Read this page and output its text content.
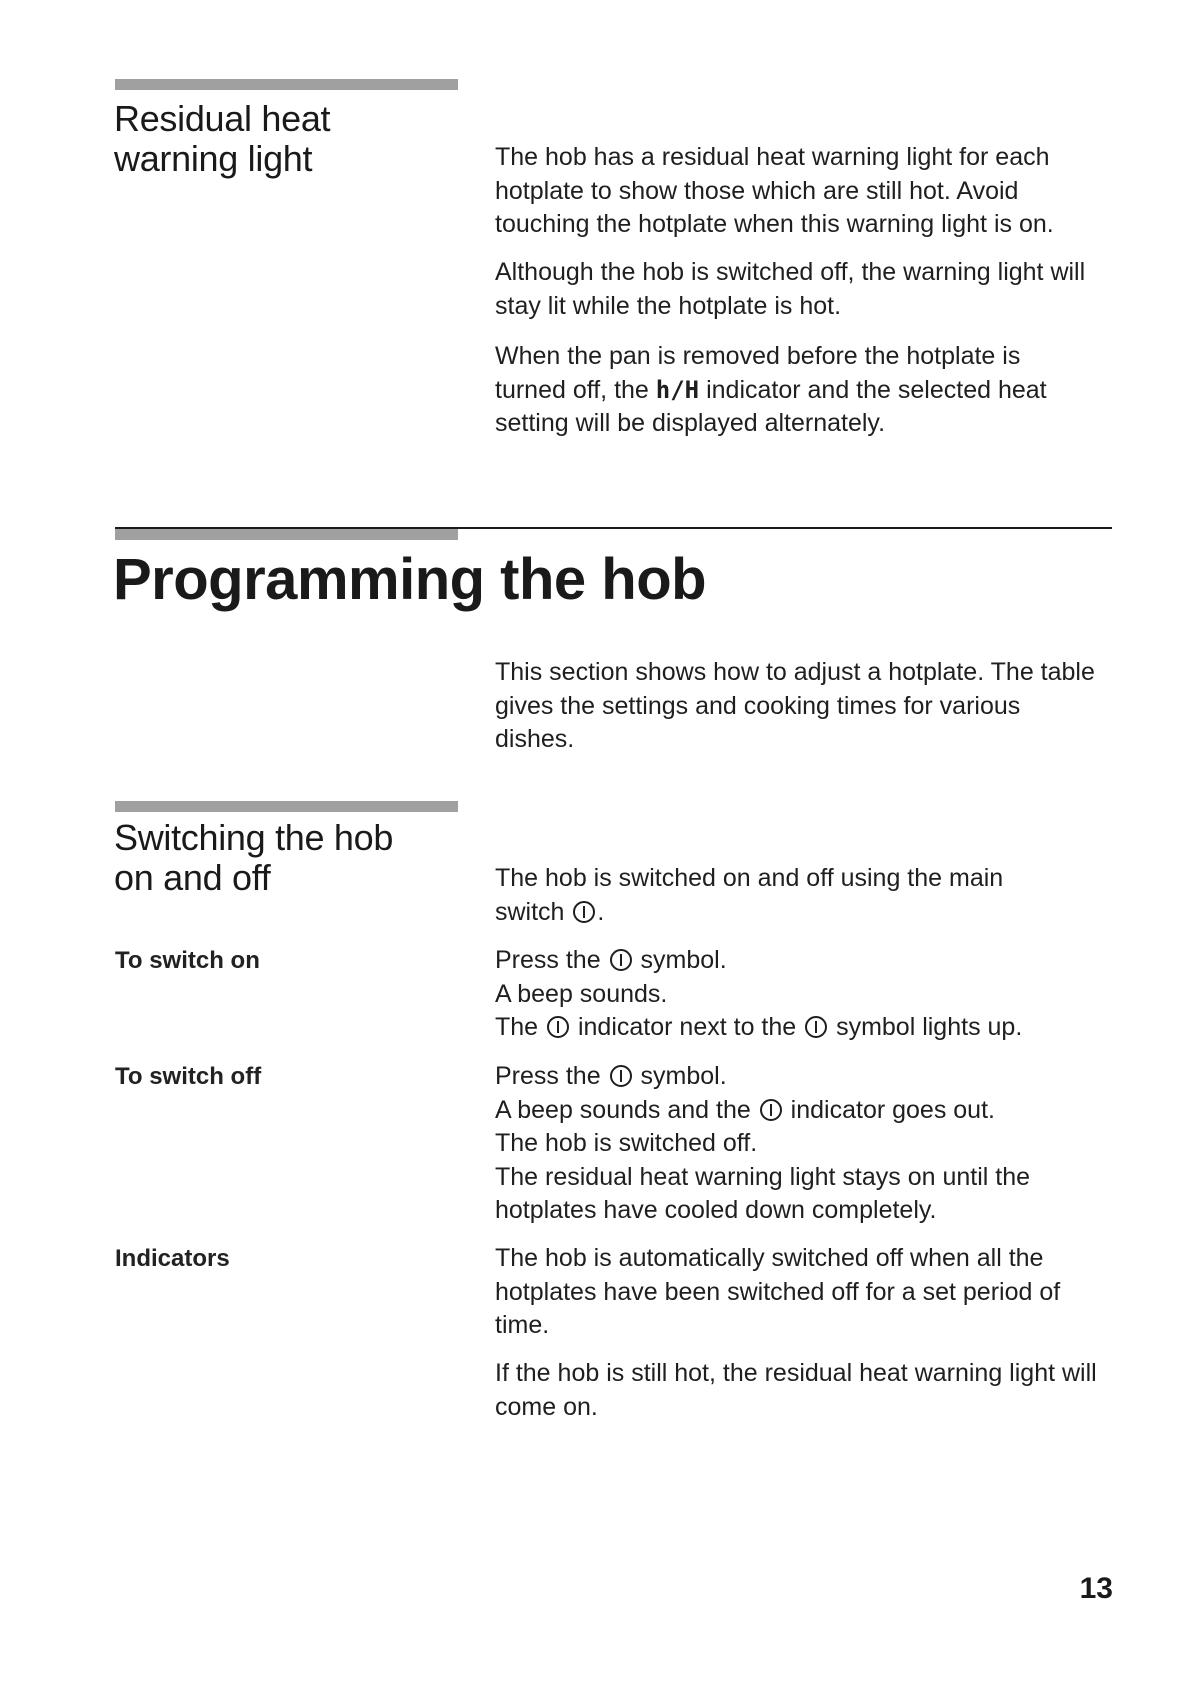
Residual heat
warning light	The hob has a residual heat warning light for each
hotplate to show those which are still hot. Avoid
touching the hotplate when this warning light is on.

Although the hob is switched off, the warning light will
stay lit while the hotplate is hot.

When the pan is removed before the hotplate is
turned off, the h/H indicator and the selected heat
setting will be displayed alternately.

Programming the hob

This section shows how to adjust a hotplate. The table
gives the settings and cooking times for various
dishes.

Switching the hob
on and off	The hob is switched on and off using the main
switch .

To switch on	Press the  symbol.
A beep sounds.
The  indicator next to the  symbol lights up.

To switch off	Press the  symbol.
A beep sounds and the  indicator goes out.
The hob is switched off.
The residual heat warning light stays on until the
hotplates have cooled down completely.

Indicators	The hob is automatically switched off when all the
hotplates have been switched off for a set period of
time.

If the hob is still hot, the residual heat warning light will
come on.

13
